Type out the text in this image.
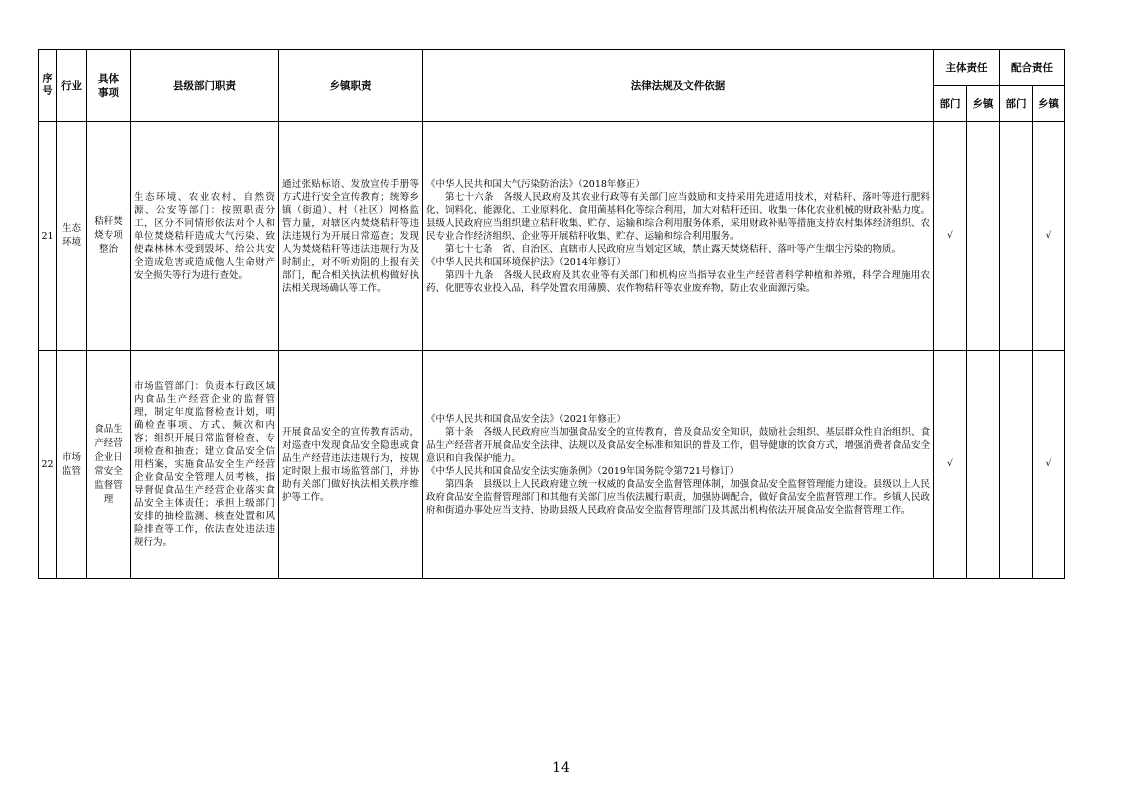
序号	行业	具体事项	县级部门职责	乡镇职责	法律法规及文件依据	主体责任		配合责任	
						部门	乡镇	部门	乡镇
21	生态环境	秸秆焚烧专项整治	生态环境、农业农村、自然资源、公安等部门：按照职责分工，区分不同情形依法对个人和单位焚烧秸秆造成大气污染、致使森林林木受到毁坏、给公共安全造成危害或造成他人生命财产安全损失等行为进行查处。	通过张贴标语、发放宣传手册等方式进行安全宣传教育；统筹乡镇（街道）、村（社区）网格监管力量，对辖区内焚烧秸秆等违法违规行为开展日常巡查；发现人为焚烧秸秆等违法违规行为及时制止，对不听劝阻的上报有关部门，配合相关执法机构做好执法相关现场确认等工作。	《中华人民共和国大气污染防治法》（2018年修正）

第七十六条　各级人民政府及其农业行政等有关部门应当鼓励和支持采用先进适用技术，对秸秆、落叶等进行肥料化、饲料化、能源化、工业原料化、食用菌基料化等综合利用，加大对秸秆还田、收集一体化农业机械的财政补贴力度。县级人民政府应当组织建立秸秆收集、贮存、运输和综合利用服务体系，采用财政补贴等措施支持农村集体经济组织、农民专业合作经济组织、企业等开展秸秆收集、贮存、运输和综合利用服务。

第七十七条　省、自治区、直辖市人民政府应当划定区域，禁止露天焚烧秸秆、落叶等产生烟尘污染的物质。

《中华人民共和国环境保护法》（2014年修订）

第四十九条　各级人民政府及其农业等有关部门和机构应当指导农业生产经营者科学种植和养殖，科学合理施用农药、化肥等农业投入品，科学处置农用薄膜、农作物秸秆等农业废弃物，防止农业面源污染。	√			√
22	市场监管	食品生产经营企业日常安全监督管理	市场监管部门：负责本行政区域内食品生产经营企业的监督管理，制定年度监督检查计划，明确检查事项、方式、频次和内容；组织开展日常监督检查、专项检查和抽查；建立食品安全信用档案，实施食品安全生产经营企业食品安全管理人员考核，指导督促食品生产经营企业落实食品安全主体责任；承担上级部门安排的抽检监测、核查处置和风险排查等工作，依法查处违法违规行为。	开展食品安全的宣传教育活动，对巡查中发现食品安全隐患或食品生产经营违法违规行为，按规定时限上报市场监管部门，并协助有关部门做好执法相关秩序维护等工作。	《中华人民共和国食品安全法》（2021年修正）

第十条　各级人民政府应当加强食品安全的宣传教育，普及食品安全知识，鼓励社会组织、基层群众性自治组织、食品生产经营者开展食品安全法律、法规以及食品安全标准和知识的普及工作，倡导健康的饮食方式，增强消费者食品安全意识和自我保护能力。

《中华人民共和国食品安全法实施条例》（2019年国务院令第721号修订）

第四条　县级以上人民政府建立统一权威的食品安全监督管理体制，加强食品安全监督管理能力建设。县级以上人民政府食品安全监督管理部门和其他有关部门应当依法履行职责，加强协调配合，做好食品安全监督管理工作。乡镇人民政府和街道办事处应当支持、协助县级人民政府食品安全监督管理部门及其派出机构依法开展食品安全监督管理工作。	√			√
14
